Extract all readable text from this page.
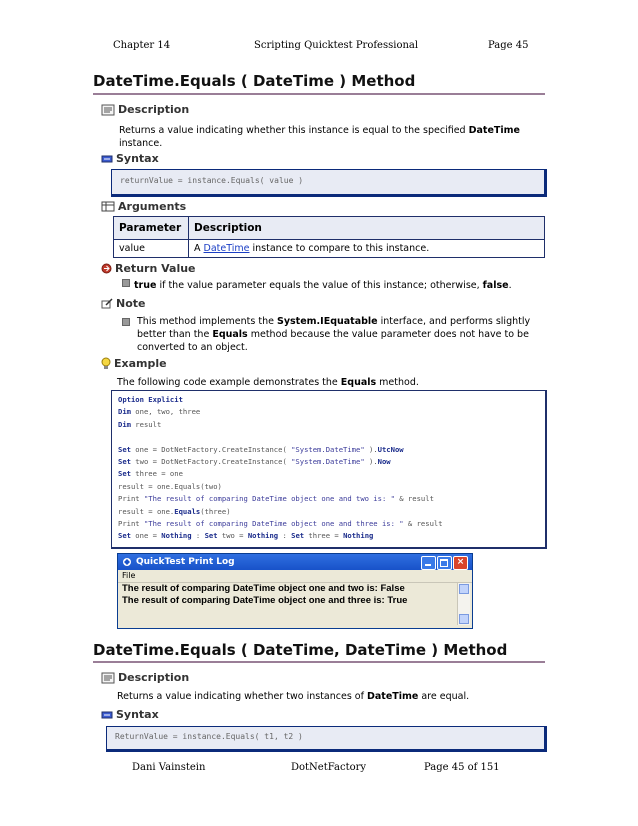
Chapter 14	Scripting Quicktest Professional	Page 45
DateTime.Equals ( DateTime ) Method
Description
Returns a value indicating whether this instance is equal to the specified DateTime
instance.
Syntax
returnValue = instance.Equals( value )
Arguments
Parameter	Description
value	A DateTime instance to compare to this instance.
Return Value
true if the value parameter equals the value of this instance; otherwise, false.
Note
This method implements the System.IEquatable interface, and performs slightly
better than the Equals method because the value parameter does not have to be
converted to an object.
Example
The following code example demonstrates the Equals method.
Option Explicit
Dim one, two, three
Dim result

Set one = DotNetFactory.CreateInstance( "System.DateTime" ).UtcNow
Set two = DotNetFactory.CreateInstance( "System.DateTime" ).Now
Set three = one
result = one.Equals(two)
Print "The result of comparing DateTime object one and two is: " & result
result = one.Equals(three)
Print "The result of comparing DateTime object one and three is: " & result
Set one = Nothing : Set two = Nothing : Set three = Nothing
QuickTest Print Log	×
File
The result of comparing DateTime object one and two is: False
The result of comparing DateTime object one and three is: True
DateTime.Equals ( DateTime, DateTime ) Method
Description
Returns a value indicating whether two instances of DateTime are equal.
Syntax
ReturnValue = instance.Equals( t1, t2 )
Dani Vainstein	DotNetFactory	Page 45 of 151
